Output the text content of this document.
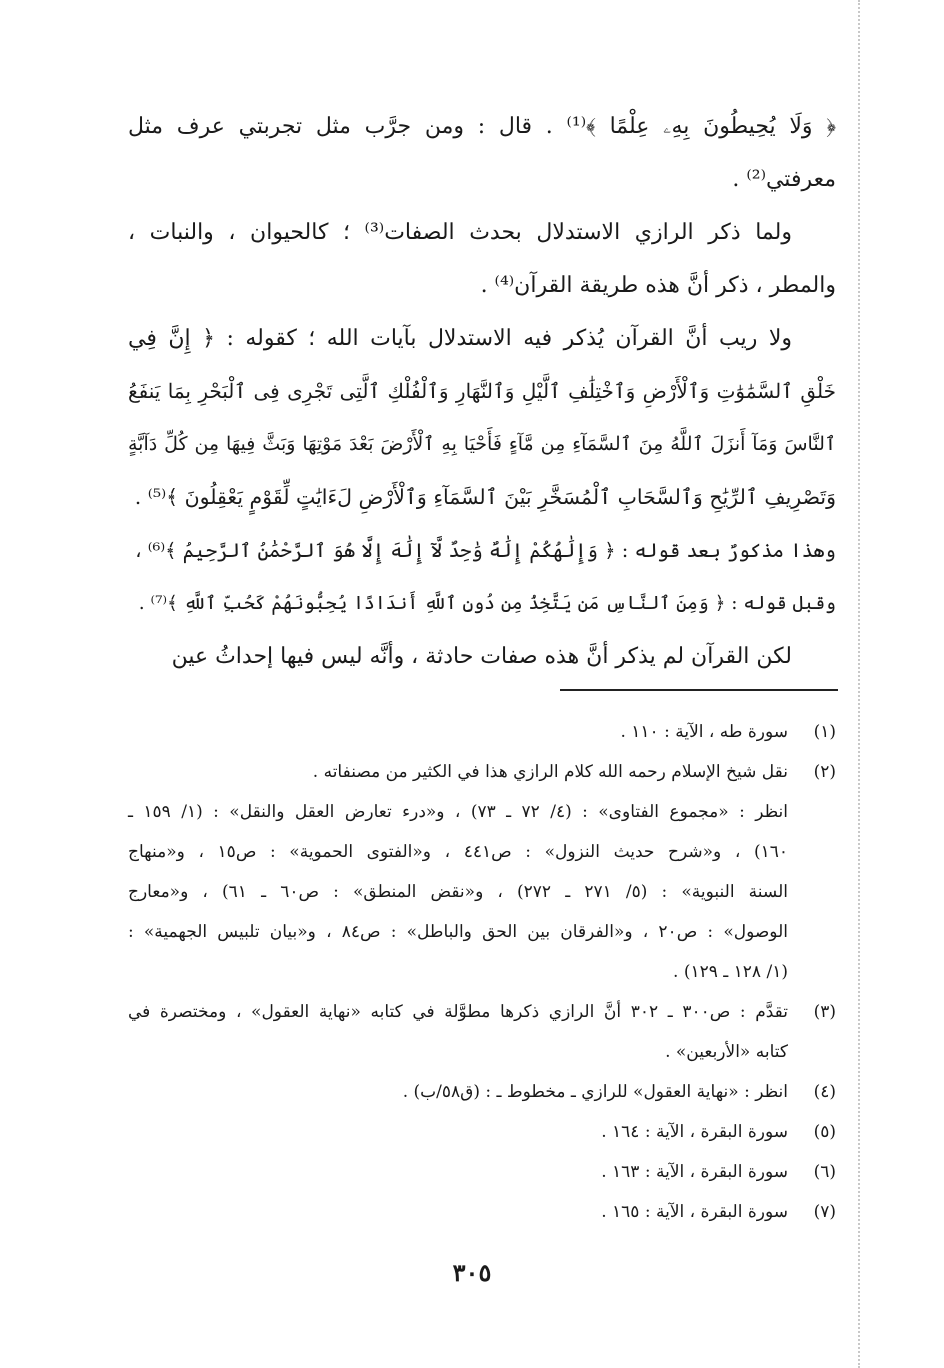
﴿ وَلَا يُحِيطُونَ بِهِۦ عِلْمًا ﴾⁽¹⁾ . قال : ومن جرَّب مثل تجربتي عرف مثل
معرفتي⁽²⁾ .
ولما ذكر الرازي الاستدلال بحدث الصفات⁽³⁾ ؛ كالحيوان ، والنبات ،
والمطر ، ذكر أنَّ هذه طريقة القرآن⁽⁴⁾ .
ولا ريب أنَّ القرآن يُذكر فيه الاستدلال بآيات الله ؛ كقوله : ﴿ إِنَّ فِي
خَلْقِ ٱلسَّمَٰوَٰتِ وَٱلْأَرْضِ وَٱخْتِلَٰفِ ٱلَّيْلِ وَٱلنَّهَارِ وَٱلْفُلْكِ ٱلَّتِى تَجْرِى فِى ٱلْبَحْرِ بِمَا يَنفَعُ
ٱلنَّاسَ وَمَآ أَنزَلَ ٱللَّهُ مِنَ ٱلسَّمَآءِ مِن مَّآءٍ فَأَحْيَا بِهِ ٱلْأَرْضَ بَعْدَ مَوْتِهَا وَبَثَّ فِيهَا مِن كُلِّ دَآبَّةٍ
وَتَصْرِيفِ ٱلرِّيَٰحِ وَٱلسَّحَابِ ٱلْمُسَخَّرِ بَيْنَ ٱلسَّمَآءِ وَٱلْأَرْضِ لَءَايَٰتٍ لِّقَوْمٍ يَعْقِلُونَ ﴾⁽⁵⁾ .
وهذا مذكورٌ بعد قوله : ﴿ وَإِلَٰهُكُمْ إِلَٰهٌ وَٰحِدٌ لَّآ إِلَٰهَ إِلَّا هُوَ ٱلرَّحْمَٰنُ ٱلرَّحِيمُ ﴾⁽⁶⁾ ،
وقبل قوله : ﴿ وَمِنَ ٱلنَّاسِ مَن يَتَّخِذُ مِن دُونِ ٱللَّهِ أَندَادًا يُحِبُّونَهُمْ كَحُبِّ ٱللَّهِ ﴾⁽⁷⁾ .
لكن القرآن لم يذكر أنَّ هذه صفات حادثة ، وأنَّه ليس فيها إحداثُ عين
(١)
سورة طه ، الآية : ١١٠ .
(٢)
نقل شيخ الإسلام رحمه الله كلام الرازي هذا في الكثير من مصنفاته .
انظر : «مجموع الفتاوى» : (٤/ ٧٢ ـ ٧٣) ، و«درء تعارض العقل والنقل» : (١/ ١٥٩ ـ
١٦٠) ، و«شرح حديث النزول» : ص٤٤١ ، و«الفتوى الحموية» : ص١٥ ، و«منهاج
السنة النبوية» : (٥/ ٢٧١ ـ ٢٧٢) ، و«نقض المنطق» : ص٦٠ ـ ٦١) ، و«معارج
الوصول» : ص٢٠ ، و«الفرقان بين الحق والباطل» : ص٨٤ ، و«بيان تلبيس الجهمية» :
(١/ ١٢٨ ـ ١٢٩) .
(٣)
تقدَّم : ص٣٠٠ ـ ٣٠٢ أنَّ الرازي ذكرها مطوَّلة في كتابه «نهاية العقول» ، ومختصرة في
كتابه «الأربعين» .
(٤)
انظر : «نهاية العقول» للرازي ـ مخطوط ـ : (ق٥٨/ب) .
(٥)
سورة البقرة ، الآية : ١٦٤ .
(٦)
سورة البقرة ، الآية : ١٦٣ .
(٧)
سورة البقرة ، الآية : ١٦٥ .
٣٠٥
